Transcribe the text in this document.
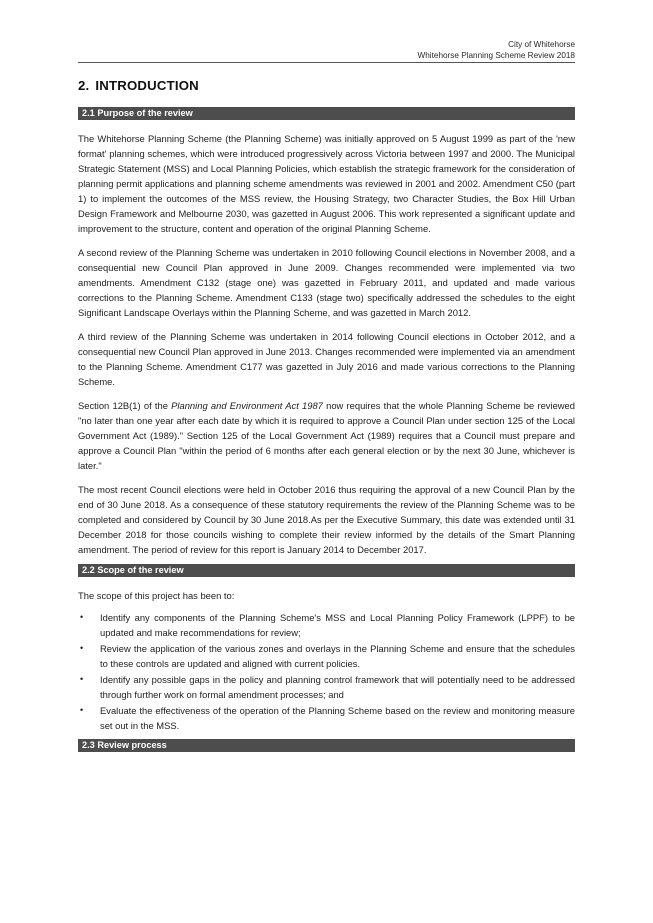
City of Whitehorse
Whitehorse Planning Scheme Review 2018
2. INTRODUCTION
2.1 Purpose of the review

The Whitehorse Planning Scheme (the Planning Scheme) was initially approved on 5 August 1999 as part of the 'new format' planning schemes, which were introduced progressively across Victoria between 1997 and 2000. The Municipal Strategic Statement (MSS) and Local Planning Policies, which establish the strategic framework for the consideration of planning permit applications and planning scheme amendments was reviewed in 2001 and 2002. Amendment C50 (part 1) to implement the outcomes of the MSS review, the Housing Strategy, two Character Studies, the Box Hill Urban Design Framework and Melbourne 2030, was gazetted in August 2006. This work represented a significant update and improvement to the structure, content and operation of the original Planning Scheme.

A second review of the Planning Scheme was undertaken in 2010 following Council elections in November 2008, and a consequential new Council Plan approved in June 2009. Changes recommended were implemented via two amendments. Amendment C132 (stage one) was gazetted in February 2011, and updated and made various corrections to the Planning Scheme. Amendment C133 (stage two) specifically addressed the schedules to the eight Significant Landscape Overlays within the Planning Scheme, and was gazetted in March 2012.

A third review of the Planning Scheme was undertaken in 2014 following Council elections in October 2012, and a consequential new Council Plan approved in June 2013. Changes recommended were implemented via an amendment to the Planning Scheme. Amendment C177 was gazetted in July 2016 and made various corrections to the Planning Scheme.

Section 12B(1) of the Planning and Environment Act 1987 now requires that the whole Planning Scheme be reviewed "no later than one year after each date by which it is required to approve a Council Plan under section 125 of the Local Government Act (1989)." Section 125 of the Local Government Act (1989) requires that a Council must prepare and approve a Council Plan "within the period of 6 months after each general election or by the next 30 June, whichever is later."

The most recent Council elections were held in October 2016 thus requiring the approval of a new Council Plan by the end of 30 June 2018. As a consequence of these statutory requirements the review of the Planning Scheme was to be completed and considered by Council by 30 June 2018.As per the Executive Summary, this date was extended until 31 December 2018 for those councils wishing to complete their review informed by the details of the Smart Planning amendment. The period of review for this report is January 2014 to December 2017.

2.2 Scope of the review

The scope of this project has been to:

• Identify any components of the Planning Scheme's MSS and Local Planning Policy Framework (LPPF) to be updated and make recommendations for review;
• Review the application of the various zones and overlays in the Planning Scheme and ensure that the schedules to these controls are updated and aligned with current policies.
• Identify any possible gaps in the policy and planning control framework that will potentially need to be addressed through further work on formal amendment processes; and
• Evaluate the effectiveness of the operation of the Planning Scheme based on the review and monitoring measure set out in the MSS.
2.3 Review process
